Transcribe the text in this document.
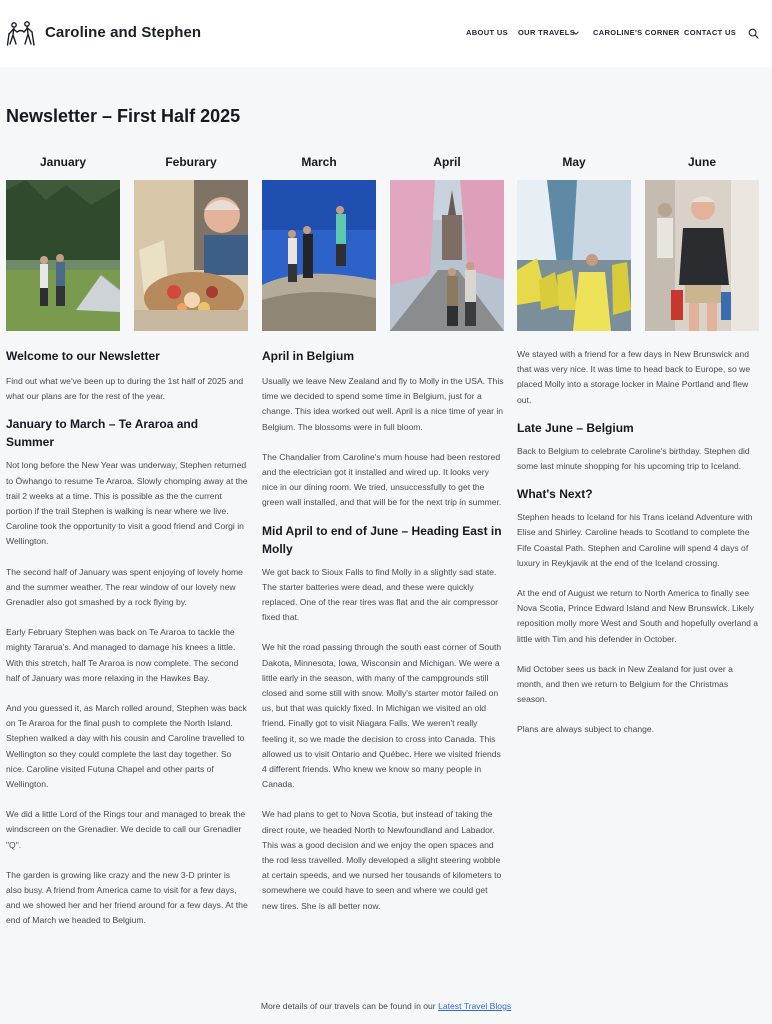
Caroline and Stephen	ABOUT US OUR TRAVELS CAROLINE'S CORNER CONTACT US
Newsletter – First Half 2025
January	Feburary	March	April	May	June
Welcome to our Newsletter

Find out what we've been up to during the 1st half of 2025 and what our plans are for the rest of the year.

January to March – Te Araroa and Summer

Not long before the New Year was underway, Stephen returned to Ōwhango to resume Te Araroa. Slowly chomping away at the trail 2 weeks at a time. This is possible as the the current portion if the trail Stephen is walking is near where we live. Caroline took the opportunity to visit a good friend and Corgi in Wellington.

The second half of January was spent enjoying of lovely home and the summer weather. The rear window of our lovely new Grenadier also got smashed by a rock flying by.

Early February Stephen was back on Te Araroa to tackle the mighty Tararua's. And managed to damage his knees a little. With this stretch, half Te Araroa is now complete. The second half of January was more relaxing in the Hawkes Bay.

And you guessed it, as March rolled around, Stephen was back on Te Araroa for the final push to complete the North Island. Stephen walked a day with his cousin and Caroline travelled to Wellington so they could complete the last day together. So nice. Caroline visited Futuna Chapel and other parts of Wellington.

We did a little Lord of the Rings tour and managed to break the windscreen on the Grenadier. We decide to call our Grenadier "Q".

The garden is growing like crazy and the new 3-D printer is also busy. A friend from America came to visit for a few days, and we showed her and her friend around for a few days. At the end of March we headed to Belgium.

April in Belgium

Usually we leave New Zealand and fly to Molly in the USA. This time we decided to spend some time in Belgium, just for a change. This idea worked out well. April is a nice time of year in Belgium. The blossoms were in full bloom.

The Chandalier from Caroline's mum house had been restored and the electrician got it installed and wired up. It looks very nice in our dining room. We tried, unsuccessfully to get the green wall installed, and that will be for the next trip in summer.

Mid April to end of June – Heading East in Molly

We got back to Sioux Falls to find Molly in a slightly sad state. The starter batteries were dead, and these were quickly replaced. One of the rear tires was flat and the air compressor fixed that.

We hit the road passing through the south east corner of South Dakota, Minnesota, Iowa, Wisconsin and Michigan. We were a little early in the season, with many of the campgrounds still closed and some still with snow. Molly's starter motor failed on us, but that was quickly fixed. In Michigan we visited an old friend. Finally got to visit Niagara Falls. We weren't really feeling it, so we made the decision to cross into Canada. This allowed us to visit Ontario and Québec. Here we visited friends 4 different friends. Who knew we know so many people in Canada.

We had plans to get to Nova Scotia, but instead of taking the direct route, we headed North to Newfoundland and Labador. This was a good decision and we enjoy the open spaces and the rod less travelled. Molly developed a slight steering wobble at certain speeds, and we nursed her tousands of kilometers to somewhere we could have to seen and where we could get new tires. She is all better now.

We stayed with a friend for a few days in New Brunswick and that was very nice. It was time to head back to Europe, so we placed Molly into a storage locker in Maine Portland and flew out.

Late June – Belgium

Back to Belgium to celebrate Caroline's birthday. Stephen did some last minute shopping for his upcoming trip to Iceland.

What's Next?

Stephen heads to Iceland for his Trans iceland Adventure with Elise and Shirley. Caroline heads to Scotland to complete the Fife Coastal Path. Stephen and Caroline will spend 4 days of luxury in Reykjavik at the end of the Iceland crossing.

At the end of August we return to North America to finally see Nova Scotia, Prince Edward Island and New Brunswick. Likely reposition molly more West and South and hopefully overland a little with Tim and his defender in October.

Mid October sees us back in New Zealand for just over a month, and then we return to Belgium for the Christmas season.

Plans are always subject to change.

More details of our travels can be found in our Latest Travel Blogs
